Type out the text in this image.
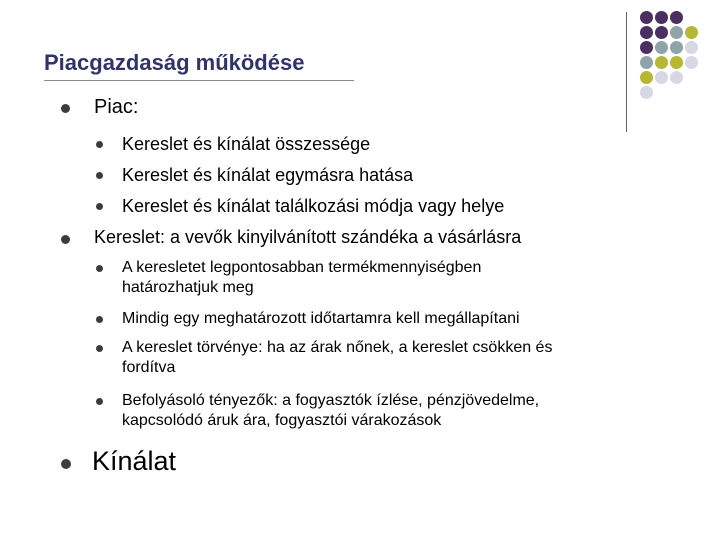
Piacgazdaság működése
Piac:
Kereslet és kínálat összessége
Kereslet és kínálat egymásra hatása
Kereslet és kínálat találkozási módja vagy helye
Kereslet: a vevők kinyilvánított szándéka a vásárlásra
A keresletet legpontosabban termékmennyiségben
határozhatjuk meg
Mindig egy meghatározott időtartamra kell megállapítani
A kereslet törvénye: ha az árak nőnek, a kereslet csökken és
fordítva
Befolyásoló tényezők: a fogyasztók ízlése, pénzjövedelme,
kapcsolódó áruk ára, fogyasztói várakozások
Kínálat
